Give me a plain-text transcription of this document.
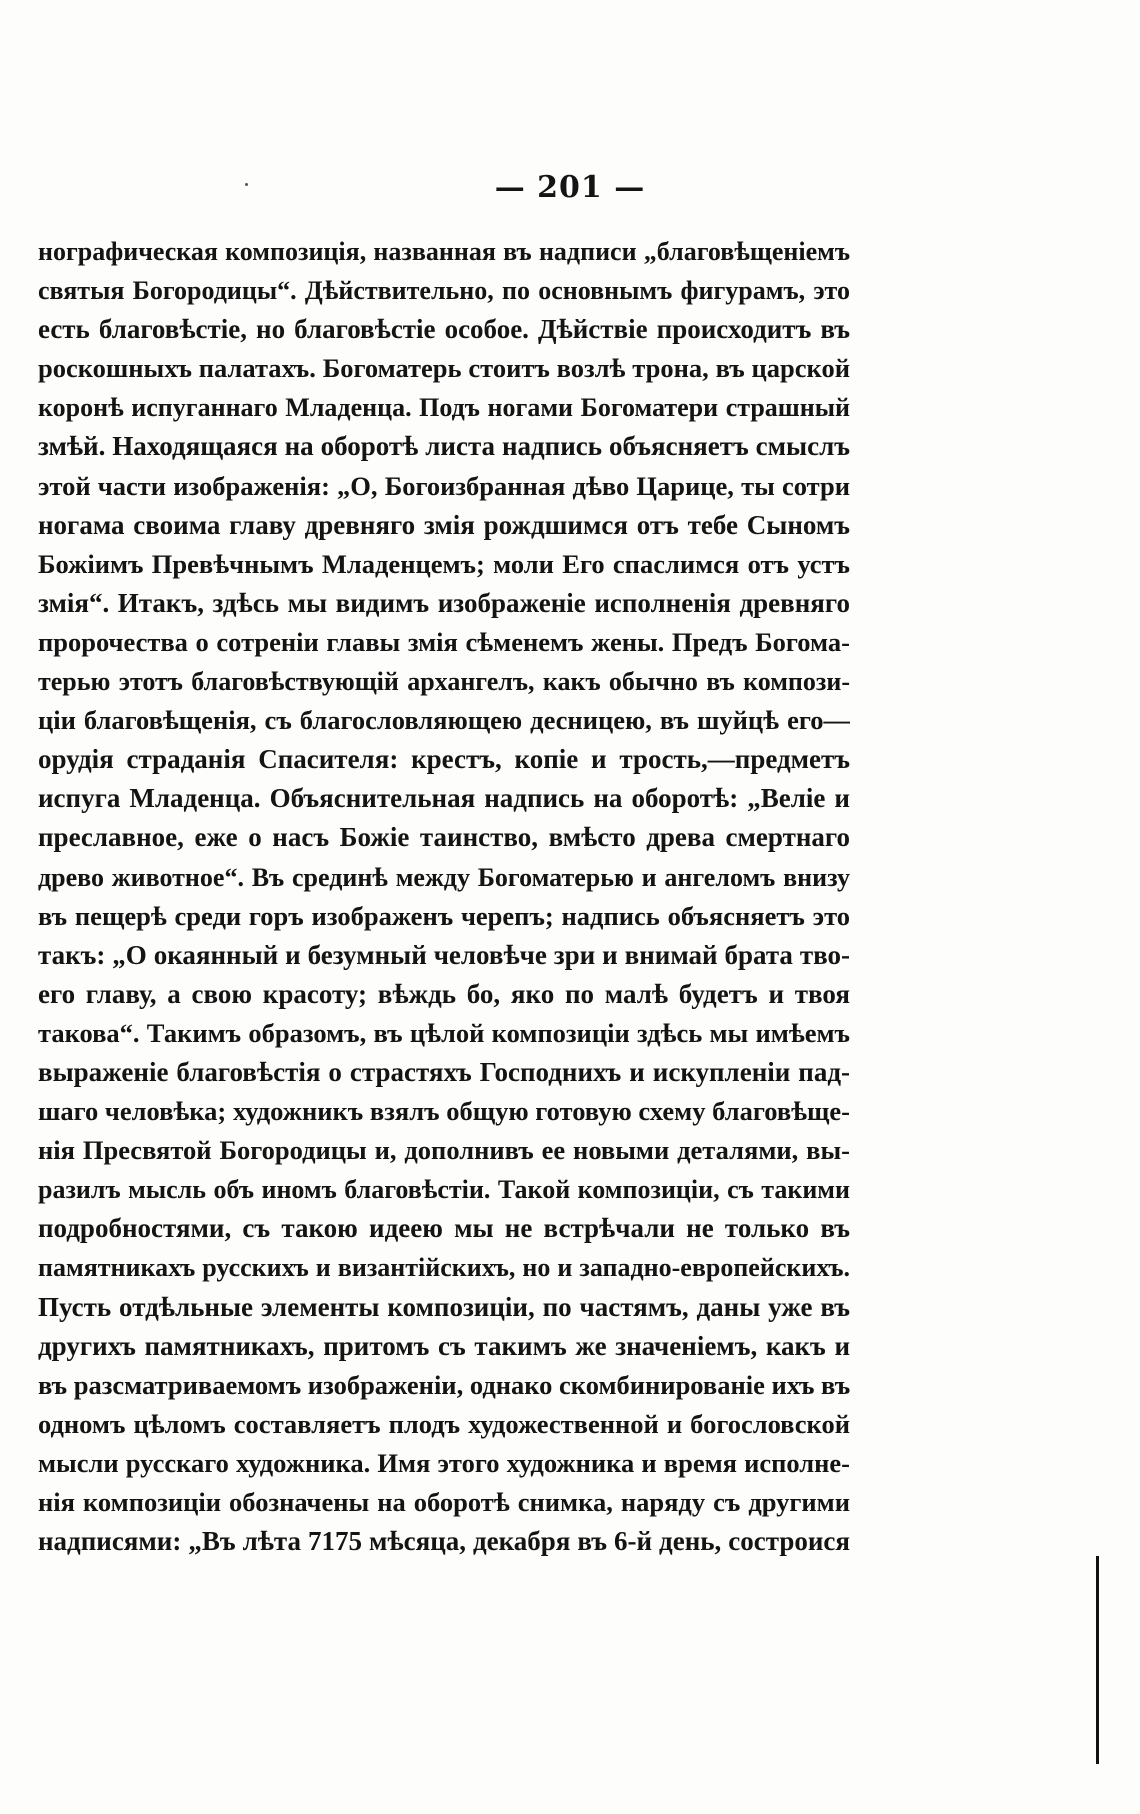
— 201 —
нографическая композиція, названная въ надписи „благовѣщеніемъ
святыя Богородицы“. Дѣйствительно, по основнымъ фигурамъ, это
есть благовѣстіе, но благовѣстіе особое. Дѣйствіе происходитъ въ
роскошныхъ палатахъ. Богоматерь стоитъ возлѣ трона, въ царской
коронѣ испуганнаго Младенца. Подъ ногами Богоматери страшный
змѣй. Находящаяся на оборотѣ листа надпись объясняетъ смыслъ
этой части изображенія: „О, Богоизбранная дѣво Царице, ты сотри
ногама своима главу древняго змія рождшимся отъ тебе Сыномъ
Божіимъ Превѣчнымъ Младенцемъ; моли Его спаслимся отъ устъ
змія“. Итакъ, здѣсь мы видимъ изображеніе исполненія древняго
пророчества о сотреніи главы змія сѣменемъ жены. Предъ Богома-
терью этотъ благовѣствующій архангелъ, какъ обычно въ компози-
ціи благовѣщенія, съ благословляющею десницею, въ шуйцѣ его—
орудія страданія Спасителя: крестъ, копіе и трость,—предметъ
испуга Младенца. Объяснительная надпись на оборотѣ: „Веліе и
преславное, еже о насъ Божіе таинство, вмѣсто древа смертнаго
древо животное“. Въ срединѣ между Богоматерью и ангеломъ внизу
въ пещерѣ среди горъ изображенъ черепъ; надпись объясняетъ это
такъ: „О окаянный и безумный человѣче зри и внимай брата тво-
его главу, а свою красоту; вѣждь бо, яко по малѣ будетъ и твоя
такова“. Такимъ образомъ, въ цѣлой композиціи здѣсь мы имѣемъ
выраженіе благовѣстія о страстяхъ Господнихъ и искупленіи пад-
шаго человѣка; художникъ взялъ общую готовую схему благовѣще-
нія Пресвятой Богородицы и, дополнивъ ее новыми деталями, вы-
разилъ мысль объ иномъ благовѣстіи. Такой композиціи, съ такими
подробностями, съ такою идеею мы не встрѣчали не только въ
памятникахъ русскихъ и византійскихъ, но и западно-европейскихъ.
Пусть отдѣльные элементы композиціи, по частямъ, даны уже въ
другихъ памятникахъ, притомъ съ такимъ же значеніемъ, какъ и
въ разсматриваемомъ изображеніи, однако скомбинированіе ихъ въ
одномъ цѣломъ составляетъ плодъ художественной и богословской
мысли русскаго художника. Имя этого художника и время исполне-
нія композиціи обозначены на оборотѣ снимка, наряду съ другими
надписями: „Въ лѣта 7175 мѣсяца, декабря въ 6-й день, состроися
